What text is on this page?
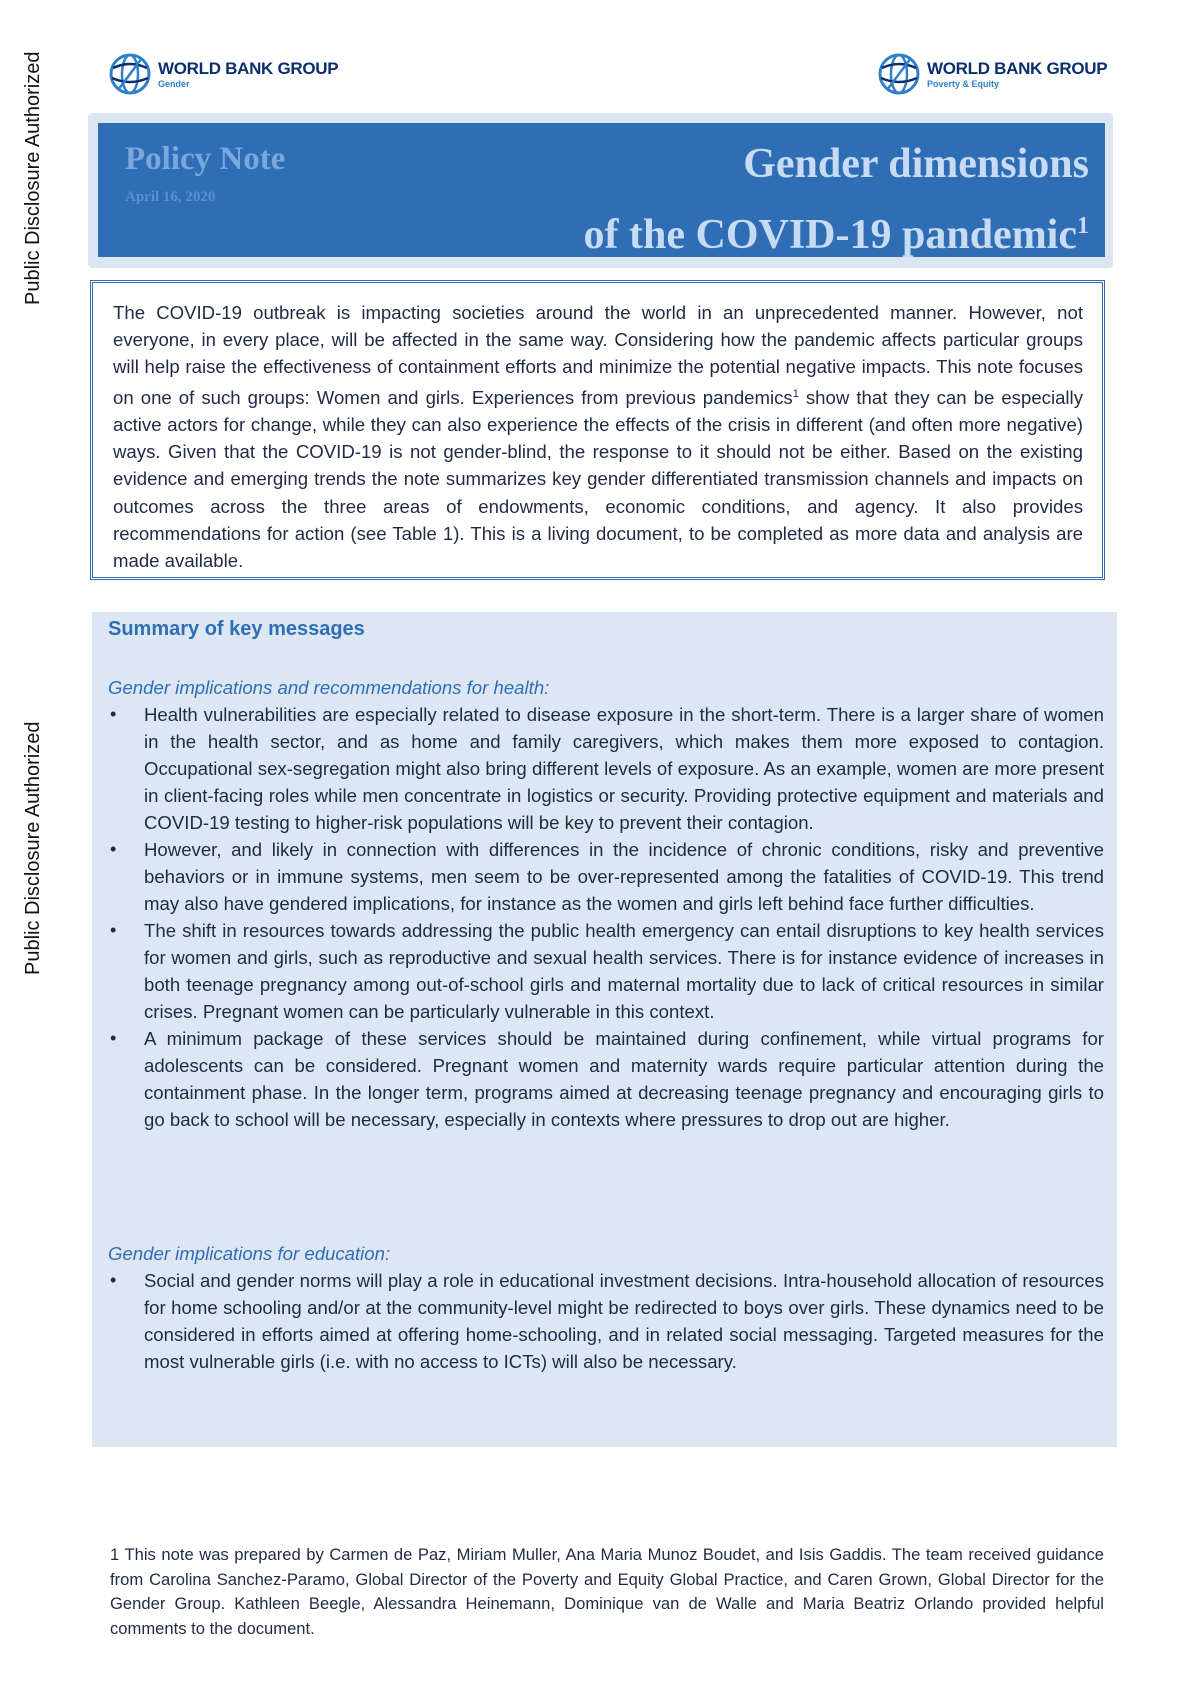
Public Disclosure Authorized
Public Disclosure Authorized
WORLD BANK GROUP
Gender
WORLD BANK GROUP
Poverty & Equity
Policy Note
April 16, 2020
Gender dimensions
of the COVID-19 pandemic$^1$

The COVID-19 outbreak is impacting societies around the world in an unprecedented manner. However, not everyone, in every place, will be affected in the same way. Considering how the pandemic affects particular groups will help raise the effectiveness of containment efforts and minimize the potential negative impacts. This note focuses on one of such groups: Women and girls. Experiences from previous pandemics$^1$ show that they can be especially active actors for change, while they can also experience the effects of the crisis in different (and often more negative) ways. Given that the COVID-19 is not gender-blind, the response to it should not be either. Based on the existing evidence and emerging trends the note summarizes key gender differentiated transmission channels and impacts on outcomes across the three areas of endowments, economic conditions, and agency. It also provides recommendations for action (see Table 1). This is a living document, to be completed as more data and analysis are made available.

Summary of key messages

Gender implications and recommendations for health:

• Health vulnerabilities are especially related to disease exposure in the short-term. There is a larger share of women in the health sector, and as home and family caregivers, which makes them more exposed to contagion. Occupational sex-segregation might also bring different levels of exposure. As an example, women are more present in client-facing roles while men concentrate in logistics or security. Providing protective equipment and materials and COVID-19 testing to higher-risk populations will be key to prevent their contagion.
• However, and likely in connection with differences in the incidence of chronic conditions, risky and preventive behaviors or in immune systems, men seem to be over-represented among the fatalities of COVID-19. This trend may also have gendered implications, for instance as the women and girls left behind face further difficulties.
• The shift in resources towards addressing the public health emergency can entail disruptions to key health services for women and girls, such as reproductive and sexual health services. There is for instance evidence of increases in both teenage pregnancy among out-of-school girls and maternal mortality due to lack of critical resources in similar crises. Pregnant women can be particularly vulnerable in this context.
• A minimum package of these services should be maintained during confinement, while virtual programs for adolescents can be considered. Pregnant women and maternity wards require particular attention during the containment phase. In the longer term, programs aimed at decreasing teenage pregnancy and encouraging girls to go back to school will be necessary, especially in contexts where pressures to drop out are higher.

Gender implications for education:

• Social and gender norms will play a role in educational investment decisions. Intra-household allocation of resources for home schooling and/or at the community-level might be redirected to boys over girls. These dynamics need to be considered in efforts aimed at offering home-schooling, and in related social messaging. Targeted measures for the most vulnerable girls (i.e. with no access to ICTs) will also be necessary.
1 This note was prepared by Carmen de Paz, Miriam Muller, Ana Maria Munoz Boudet, and Isis Gaddis. The team received guidance from Carolina Sanchez-Paramo, Global Director of the Poverty and Equity Global Practice, and Caren Grown, Global Director for the Gender Group. Kathleen Beegle, Alessandra Heinemann, Dominique van de Walle and Maria Beatriz Orlando provided helpful comments to the document.
